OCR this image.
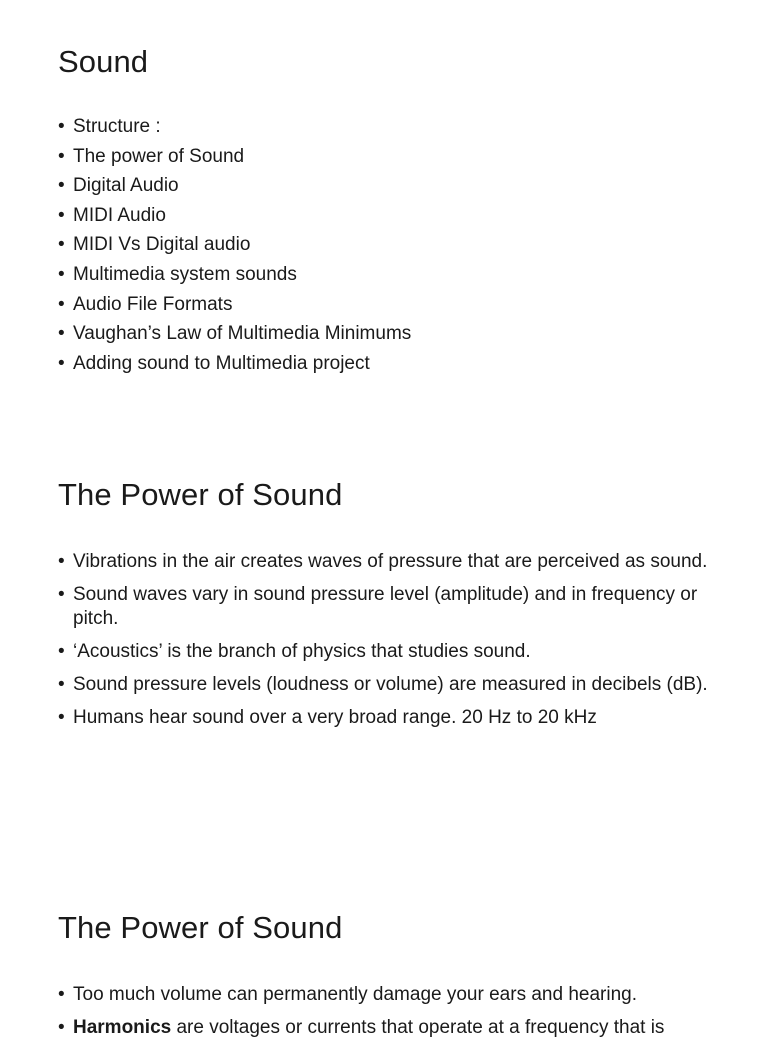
Sound
• Structure :
• The power of Sound
• Digital Audio
• MIDI Audio
• MIDI Vs Digital audio
• Multimedia system sounds
• Audio File Formats
• Vaughan’s Law of Multimedia Minimums
• Adding sound to Multimedia project
The Power of Sound
• Vibrations in the air creates waves of pressure that are perceived as sound.
• Sound waves vary in sound pressure level (amplitude) and in frequency or pitch.
• ‘Acoustics’ is the branch of physics that studies sound.
• Sound pressure levels (loudness or volume) are measured in decibels (dB).
• Humans hear sound over a very broad range. 20 Hz to 20 kHz
The Power of Sound
• Too much volume can permanently damage your ears and hearing.
• Harmonics are voltages or currents that operate at a frequency that is
